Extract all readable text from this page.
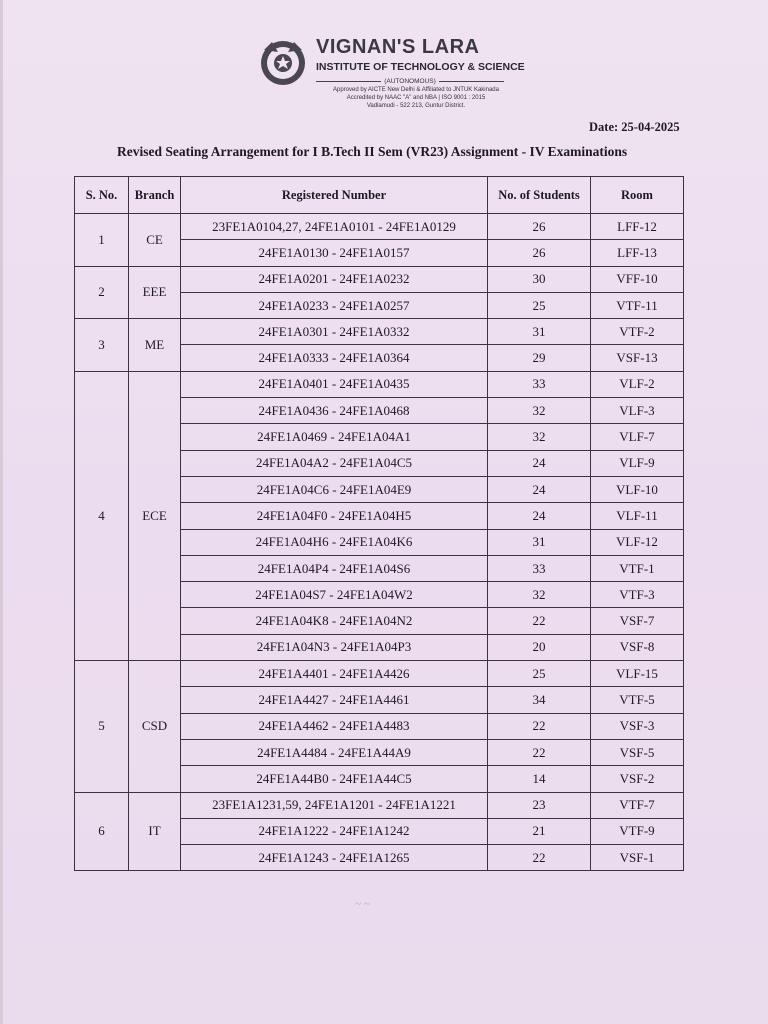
VIGNAN'S LARA
INSTITUTE OF TECHNOLOGY & SCIENCE
(AUTONOMOUS)
Approved by AICTE New Delhi & Affiliated to JNTUK Kakinada
Accredited by NAAC "A" and NBA | ISO 9001 : 2015
Vadlamudi - 522 213, Guntur District.
Date: 25-04-2025
Revised Seating Arrangement for I B.Tech II Sem (VR23) Assignment - IV Examinations
S. No.	Branch	Registered Number	No. of Students	Room
1	CE	23FE1A0104,27, 24FE1A0101 - 24FE1A0129	26	LFF-12
		24FE1A0130 - 24FE1A0157	26	LFF-13
2	EEE	24FE1A0201 - 24FE1A0232	30	VFF-10
		24FE1A0233 - 24FE1A0257	25	VTF-11
3	ME	24FE1A0301 - 24FE1A0332	31	VTF-2
		24FE1A0333 - 24FE1A0364	29	VSF-13
4	ECE	24FE1A0401 - 24FE1A0435	33	VLF-2
		24FE1A0436 - 24FE1A0468	32	VLF-3
		24FE1A0469 - 24FE1A04A1	32	VLF-7
		24FE1A04A2 - 24FE1A04C5	24	VLF-9
		24FE1A04C6 - 24FE1A04E9	24	VLF-10
		24FE1A04F0 - 24FE1A04H5	24	VLF-11
		24FE1A04H6 - 24FE1A04K6	31	VLF-12
		24FE1A04P4 - 24FE1A04S6	33	VTF-1
		24FE1A04S7 - 24FE1A04W2	32	VTF-3
		24FE1A04K8 - 24FE1A04N2	22	VSF-7
		24FE1A04N3 - 24FE1A04P3	20	VSF-8
5	CSD	24FE1A4401 - 24FE1A4426	25	VLF-15
		24FE1A4427 - 24FE1A4461	34	VTF-5
		24FE1A4462 - 24FE1A4483	22	VSF-3
		24FE1A4484 - 24FE1A44A9	22	VSF-5
		24FE1A44B0 - 24FE1A44C5	14	VSF-2
6	IT	23FE1A1231,59, 24FE1A1201 - 24FE1A1221	23	VTF-7
		24FE1A1222 - 24FE1A1242	21	VTF-9
		24FE1A1243 - 24FE1A1265	22	VSF-1
~ ~
